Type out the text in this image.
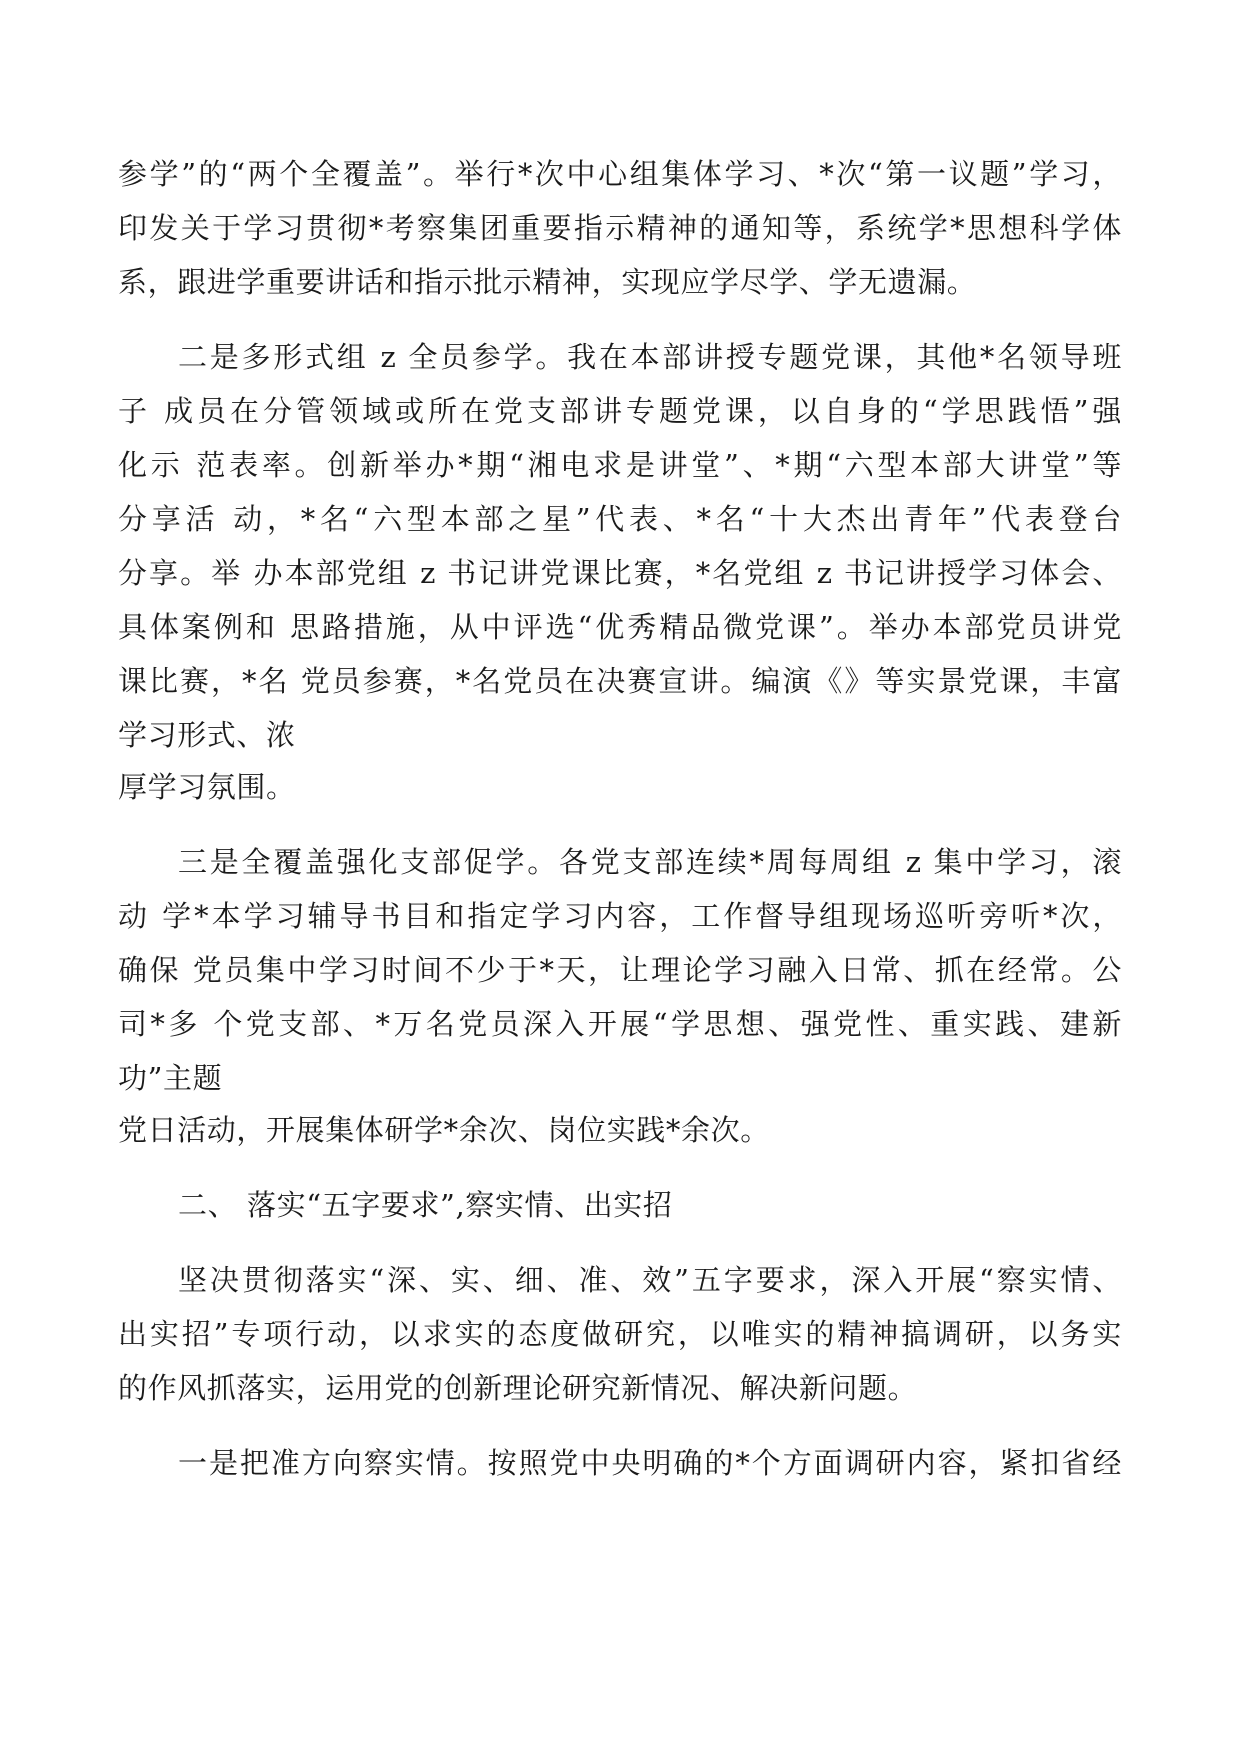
参学”的“两个全覆盖”。举行*次中心组集体学习、*次“第一议题”学习，
印发关于学习贯彻*考察集团重要指示精神的通知等，系统学*思想科学体
系，跟进学重要讲话和指示批示精神，实现应学尽学、学无遗漏。
二是多形式组 z 全员参学。我在本部讲授专题党课，其他*名领导班
子 成员在分管领域或所在党支部讲专题党课，以自身的“学思践悟”强
化示 范表率。创新举办*期“湘电求是讲堂”、*期“六型本部大讲堂”等
分享活 动，*名“六型本部之星”代表、*名“十大杰出青年”代表登台
分享。举 办本部党组 z 书记讲党课比赛，*名党组 z 书记讲授学习体会、
具体案例和 思路措施，从中评选“优秀精品微党课”。举办本部党员讲党
课比赛，*名 党员参赛，*名党员在决赛宣讲。编演《》等实景党课，丰富
学习形式、浓
厚学习氛围。
三是全覆盖强化支部促学。各党支部连续*周每周组 z 集中学习，滚
动 学*本学习辅导书目和指定学习内容，工作督导组现场巡听旁听*次，
确保 党员集中学习时间不少于*天，让理论学习融入日常、抓在经常。公
司*多 个党支部、*万名党员深入开展“学思想、强党性、重实践、建新
功”主题
党日活动，开展集体研学*余次、岗位实践*余次。
二、 落实“五字要求”,察实情、出实招
坚决贯彻落实“深、实、细、准、效”五字要求，深入开展“察实情、
出实招”专项行动，以求实的态度做研究，以唯实的精神搞调研，以务实
的作风抓落实，运用党的创新理论研究新情况、解决新问题。
一是把准方向察实情。按照党中央明确的*个方面调研内容，紧扣省经
